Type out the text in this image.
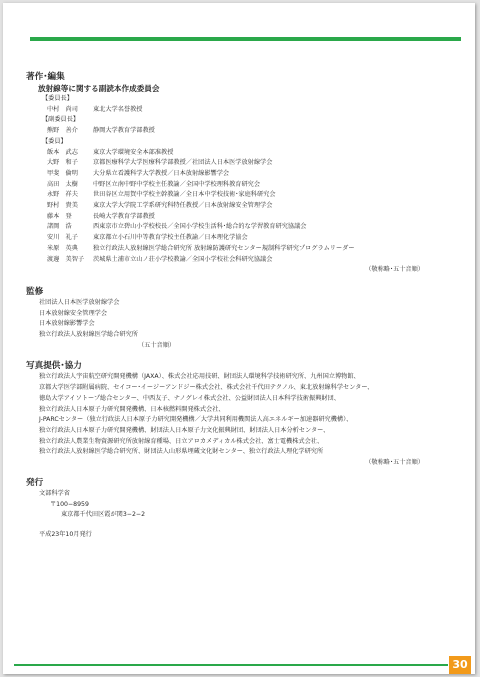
著作･編集
放射線等に関する副読本作成委員会
【委員長】
中村　尚司	東北大学名誉教授
【副委員長】
熊野　善介	静岡大学教育学部教授
【委員】
飯本　武志	東京大学環境安全本部准教授
大野　和子	京都医療科学大学医療科学部教授／社団法人日本医学放射線学会
甲斐　倫明	大分県立看護科学大学教授／日本放射線影響学会
高田　太樹	中野区立南中野中学校主任教諭／全国中学校理科教育研究会
永野　祥夫	世田谷区立用賀中学校主幹教諭／全日本中学校技術･家庭科研究会
野村　貴美	東京大学大学院工学系研究科特任教授／日本放射線安全管理学会
藤本　登	長崎大学教育学部教授
諸岡　浩	西東京市立碧山小学校校長／全国小学校生活科･総合的な学習教育研究協議会
安川　礼子	東京都立小石川中等教育学校主任教諭／日本理化学協会
米原　英典	独立行政法人放射線医学総合研究所 放射線防護研究センター規制科学研究プログラムリーダー
渡邊　美智子	茨城県土浦市立山ノ荘小学校教諭／全国小学校社会科研究協議会
（敬称略･五十音順）
監修
社団法人日本医学放射線学会
日本放射線安全管理学会
日本放射線影響学会
独立行政法人放射線医学総合研究所
（五十音順）
写真提供･協力
独立行政法人宇宙航空研究開発機構（JAXA）、株式会社応用技研、財団法人環境科学技術研究所、九州国立博物館、
京都大学医学部附属病院、セイコー･イージーアンドジー株式会社、株式会社千代田テクノル、東北放射線科学センター、
徳島大学アイソトープ総合センター、中西友子、ナノグレイ株式会社、公益財団法人日本科学技術振興財団、
独立行政法人日本原子力研究開発機構、日本核燃料開発株式会社、
J-PARCセンター（独立行政法人日本原子力研究開発機構／大学共同利用機関法人高エネルギー加速器研究機構）、
独立行政法人日本原子力研究開発機構、財団法人日本原子力文化振興財団、財団法人日本分析センター、
独立行政法人農業生物資源研究所放射線育種場、日立アロカメディカル株式会社、富士電機株式会社、
独立行政法人放射線医学総合研究所、財団法人山形県埋蔵文化財センター、独立行政法人理化学研究所
（敬称略･五十音順）
発行
文部科学省
〒100−8959
東京都千代田区霞が関3−2−2
平成23年10月発行
30
